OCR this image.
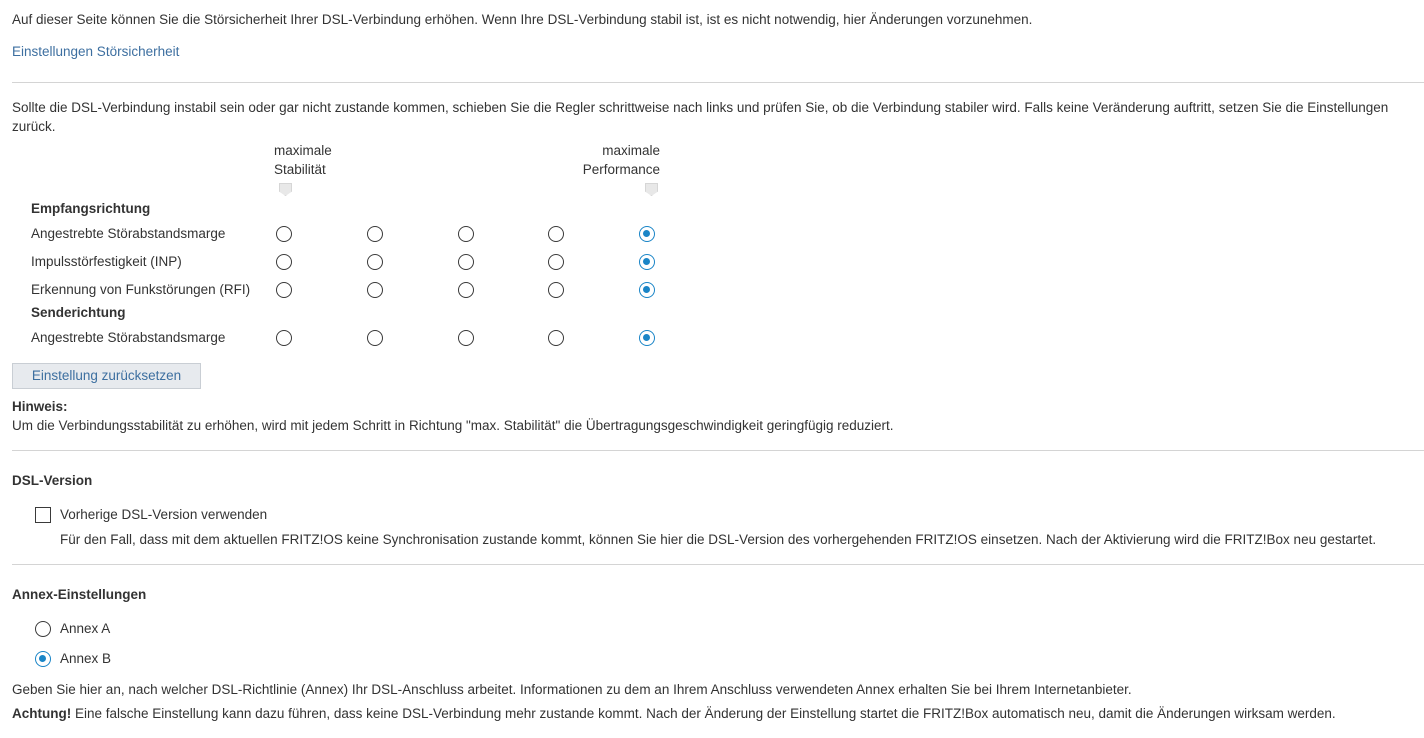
Auf dieser Seite können Sie die Störsicherheit Ihrer DSL-Verbindung erhöhen. Wenn Ihre DSL-Verbindung stabil ist, ist es nicht notwendig, hier Änderungen vorzunehmen.
Einstellungen Störsicherheit
Sollte die DSL-Verbindung instabil sein oder gar nicht zustande kommen, schieben Sie die Regler schrittweise nach links und prüfen Sie, ob die Verbindung stabiler wird. Falls keine Veränderung auftritt, setzen Sie die Einstellungen
zurück.
maximale
Stabilität
maximale
Performance
Empfangsrichtung
Angestrebte Störabstandsmarge
Impulsstörfestigkeit (INP)
Erkennung von Funkstörungen (RFI)
Senderichtung
Angestrebte Störabstandsmarge
Einstellung zurücksetzen
Hinweis:
Um die Verbindungsstabilität zu erhöhen, wird mit jedem Schritt in Richtung "max. Stabilität" die Übertragungsgeschwindigkeit geringfügig reduziert.
DSL-Version
Vorherige DSL-Version verwenden
Für den Fall, dass mit dem aktuellen FRITZ!OS keine Synchronisation zustande kommt, können Sie hier die DSL-Version des vorhergehenden FRITZ!OS einsetzen. Nach der Aktivierung wird die FRITZ!Box neu gestartet.
Annex-Einstellungen
Annex A
Annex B
Geben Sie hier an, nach welcher DSL-Richtlinie (Annex) Ihr DSL-Anschluss arbeitet. Informationen zu dem an Ihrem Anschluss verwendeten Annex erhalten Sie bei Ihrem Internetanbieter.
Achtung! Eine falsche Einstellung kann dazu führen, dass keine DSL-Verbindung mehr zustande kommt. Nach der Änderung der Einstellung startet die FRITZ!Box automatisch neu, damit die Änderungen wirksam werden.
